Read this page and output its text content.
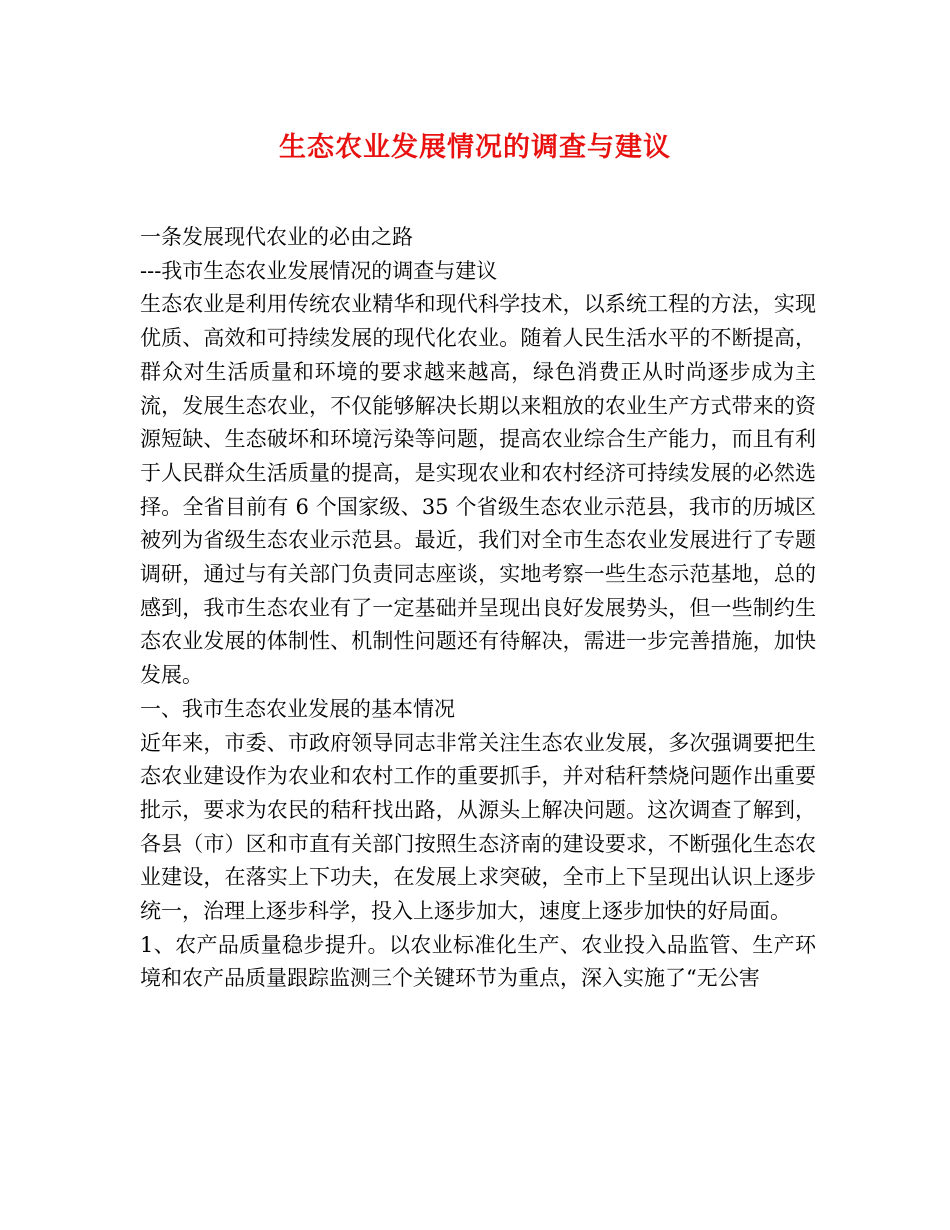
生态农业发展情况的调查与建议

一条发展现代农业的必由之路

---我市生态农业发展情况的调查与建议

生态农业是利用传统农业精华和现代科学技术，以系统工程的方法，实现优质、高效和可持续发展的现代化农业。随着人民生活水平的不断提高，群众对生活质量和环境的要求越来越高，绿色消费正从时尚逐步成为主流，发展生态农业，不仅能够解决长期以来粗放的农业生产方式带来的资源短缺、生态破坏和环境污染等问题，提高农业综合生产能力，而且有利于人民群众生活质量的提高，是实现农业和农村经济可持续发展的必然选择。全省目前有 6 个国家级、35 个省级生态农业示范县，我市的历城区被列为省级生态农业示范县。最近，我们对全市生态农业发展进行了专题调研，通过与有关部门负责同志座谈，实地考察一些生态示范基地，总的感到，我市生态农业有了一定基础并呈现出良好发展势头，但一些制约生态农业发展的体制性、机制性问题还有待解决，需进一步完善措施，加快发展。

一、我市生态农业发展的基本情况

近年来，市委、市政府领导同志非常关注生态农业发展，多次强调要把生态农业建设作为农业和农村工作的重要抓手，并对秸秆禁烧问题作出重要批示，要求为农民的秸秆找出路，从源头上解决问题。这次调查了解到，各县（市）区和市直有关部门按照生态济南的建设要求，不断强化生态农业建设，在落实上下功夫，在发展上求突破，全市上下呈现出认识上逐步统一，治理上逐步科学，投入上逐步加大，速度上逐步加快的好局面。

1、农产品质量稳步提升。以农业标准化生产、农业投入品监管、生产环境和农产品质量跟踪监测三个关键环节为重点，深入实施了“无公害
